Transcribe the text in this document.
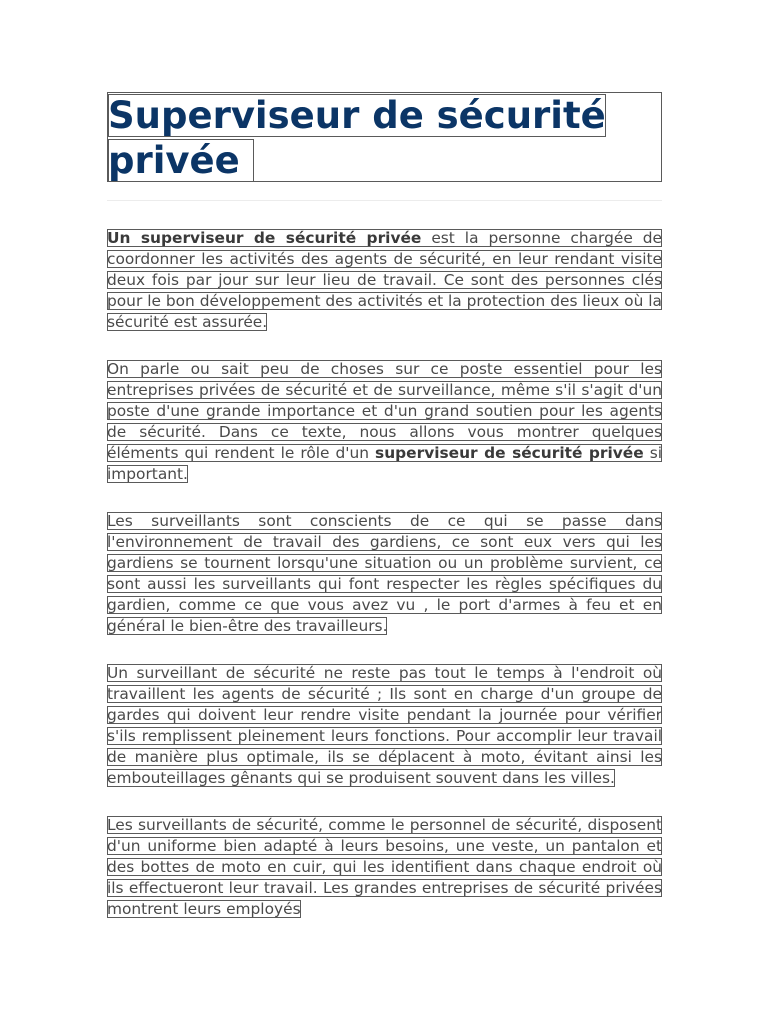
Superviseur de sécurité privée

Un superviseur de sécurité privée est la personne chargée de coordonner les activités des agents de sécurité, en leur rendant visite deux fois par jour sur leur lieu de travail. Ce sont des personnes clés pour le bon développement des activités et la protection des lieux où la sécurité est assurée.

On parle ou sait peu de choses sur ce poste essentiel pour les entreprises privées de sécurité et de surveillance, même s'il s'agit d'un poste d'une grande importance et d'un grand soutien pour les agents de sécurité. Dans ce texte, nous allons vous montrer quelques éléments qui rendent le rôle d'un superviseur de sécurité privée si important.

Les surveillants sont conscients de ce qui se passe dans l'environnement de travail des gardiens, ce sont eux vers qui les gardiens se tournent lorsqu'une situation ou un problème survient, ce sont aussi les surveillants qui font respecter les règles spécifiques du gardien, comme ce que vous avez vu , le port d'armes à feu et en général le bien-être des travailleurs.

Un surveillant de sécurité ne reste pas tout le temps à l'endroit où travaillent les agents de sécurité ; Ils sont en charge d'un groupe de gardes qui doivent leur rendre visite pendant la journée pour vérifier s'ils remplissent pleinement leurs fonctions. Pour accomplir leur travail de manière plus optimale, ils se déplacent à moto, évitant ainsi les embouteillages gênants qui se produisent souvent dans les villes.

Les surveillants de sécurité, comme le personnel de sécurité, disposent d'un uniforme bien adapté à leurs besoins, une veste, un pantalon et des bottes de moto en cuir, qui les identifient dans chaque endroit où ils effectueront leur travail. Les grandes entreprises de sécurité privées montrent leurs employés
